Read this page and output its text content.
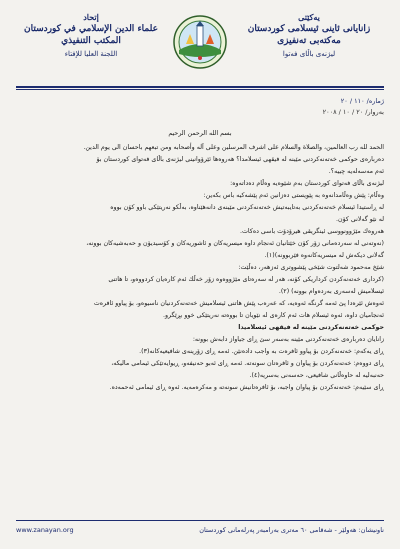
إتحاد
علماء الدين الإسلامي في كوردستان
المكتب التنفيذي
اللجنة العليا للإفتاء
يەكێتی
زانایانی ئاینی ئیسلامی كوردستان
مەكتەبی تەنفیزی
لیژنەی باڵای فەتوا
ژماره/ ۱۱۰ / ۲۰
بەروار/ ۲۰ / ۱۰ / ۲۰۰۸

بسم الله الرحمن الرحيم

الحمد لله رب العالمين، والصلاة والسلام على اشرف المرسلين وعلى آله وأصحابه ومن تبعهم باحسان الى يوم الدين.

دەربارەی حوكمی خەتەنەكردنی مێینە لە فیقهی ئیسلامدا؟ هەروەها ئێرۆوانینی لیژنەی باڵای فەتوای كوردستان بۆ

ئەم مەسەلەیە چییە؟.

لیژنەی باڵای فەتوای كوردستان بەم شێوەیە وەڵام دەداتەوە:

وەڵام: پێش وەڵامدانەوە بە پێویستی دەزانین ئەم پێشەكیە باس بكەین:

لە ڕاستیدا ئیسلام خەتەنەكردنی بەتایبەتیش خەتەنەكردنی مێینەی دانەهێناوە، بەڵكو نەریتێكی باوو كۆن بووە

لە نێو گەلانی كۆن.

هەروەك مێژوونووسی ئینگریقی ھیرۆدۆت باسی دەكات.

(نەوتەنی لە سەردەمانی زۆر كۆن خێتانیان ئەنجام داوە میسریەكان و ئاشوریەكان و كۆسیدیۆن و حەبەشیەكان بوونە،

گەلانی دیكەش لە میسریەكانەوە فێربوونە)(۱).

شێخ مەحمود شەلتوت شێخی پێشووتری ئەزهەر، دەڵێت:

(كرداری خەتەنەكردن كرداریكی كۆنە، هەر لە سەرەتای مێژووەوە زۆر خەڵك ئەم كارەیان كردووەو، تا هاتنی

ئیسلامیش لەسەری بەردەوام بوونە) (۲).

ئەوەش ئێرەدا پێ ئەمە گرنگە ئەوەیە، كە عەرەب پێش هاتنی ئیسلامیش خەتەنەكردنیان ناسیوەو، بۆ پیاوو ئافرەت

ئەنجامیان داوە، ئەوە ئیسلام هات ئەم كارەی لە نێویان تا بووەتە نەریتێكی خوو بڕێگرو.

حوكمی خەتەنەكردنی مێینە لە فیقهی ئیسلامیدا

زانایان دەربارەی خەتەنەكردنی مێینە بەسەر سێ ڕای جیاواز دابەش بوونە:

ڕای یەكەم: خەتەنەكردن بۆ پیاوو ئافرەت بە واجب دادەنێن. ئەمە ڕای زۆرینەی شافیعیەكانە(۳).

ڕای دووەم: خەتەنەكردن بۆ پیاوان و ئافرەتان سونەتە. ئەمە ڕای ئەبو حەنیفەو، ڕیوایەتێكی ئیمامی مالیكە،

حەنبەلیە لە حاوەڵانی شافیعی، حەسەنی بەسریە(٤).

ڕای سێیەم: خەتەنەكردن بۆ پیاوان واجبە، بۆ ئافرەتانیش سونەتە و مەكرەمەیە. ئەوە ڕای ئیمامی ئەحمەدە.

www.zanayan.org	ناونیشان: هەولێر - شەقامی ٦٠ مەتری بەرامبەر پەرلەمانی كوردستان
